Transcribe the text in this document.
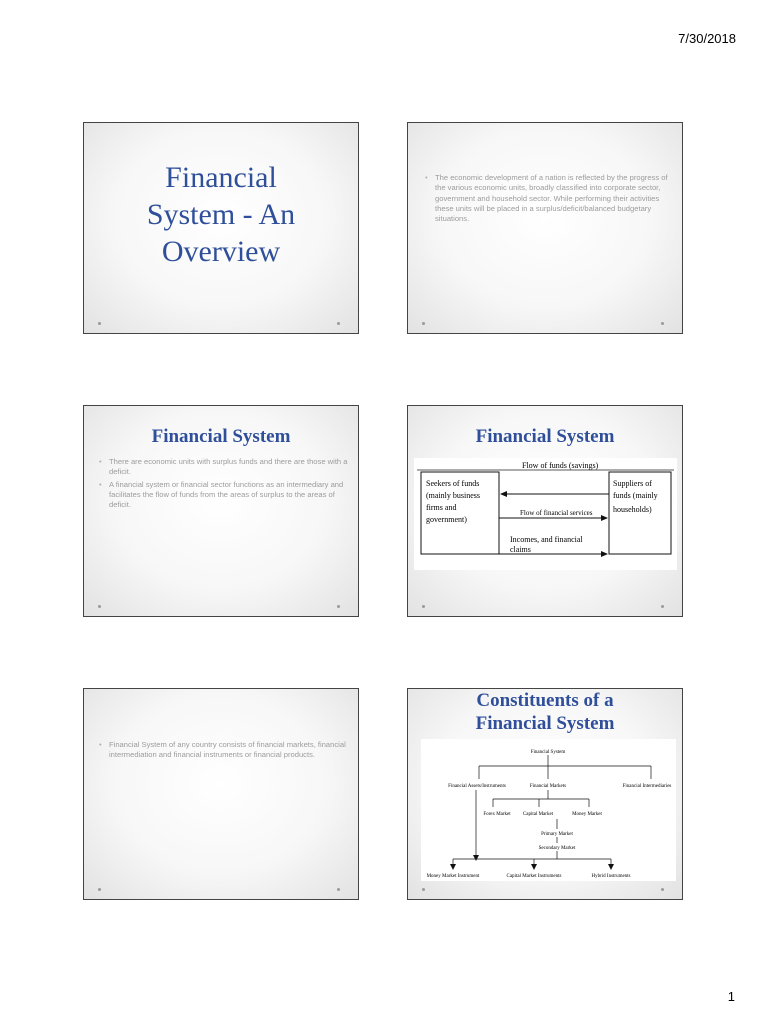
7/30/2018
Financial
System - An
Overview
• The economic development of a nation is reflected by the progress of the various economic units, broadly classified into corporate sector, government and household sector. While performing their activities these units will be placed in a surplus/deficit/balanced budgetary situations.
Financial System
• There are economic units with surplus funds and there are those with a deficit.
• A financial system or financial sector functions as an intermediary and facilitates the flow of funds from the areas of surplus to the areas of deficit.
Financial System
Flow of funds (savings)
Seekers of funds
(mainly business
firms and
government)
Suppliers of
funds (mainly
households)
Flow of financial services
Incomes, and financial
claims
• Financial System of any country consists of financial markets, financial intermediation and financial instruments or financial products.
Constituents of a
Financial System
Financial System
Financial Assets/Instruments	Financial Markets	Financial Intermediaries
Forex Market Capital Market	Money Market
Primary Market
Secondary Market
Money Market Instrument	Capital Market Instruments	Hybrid Instruments
1
